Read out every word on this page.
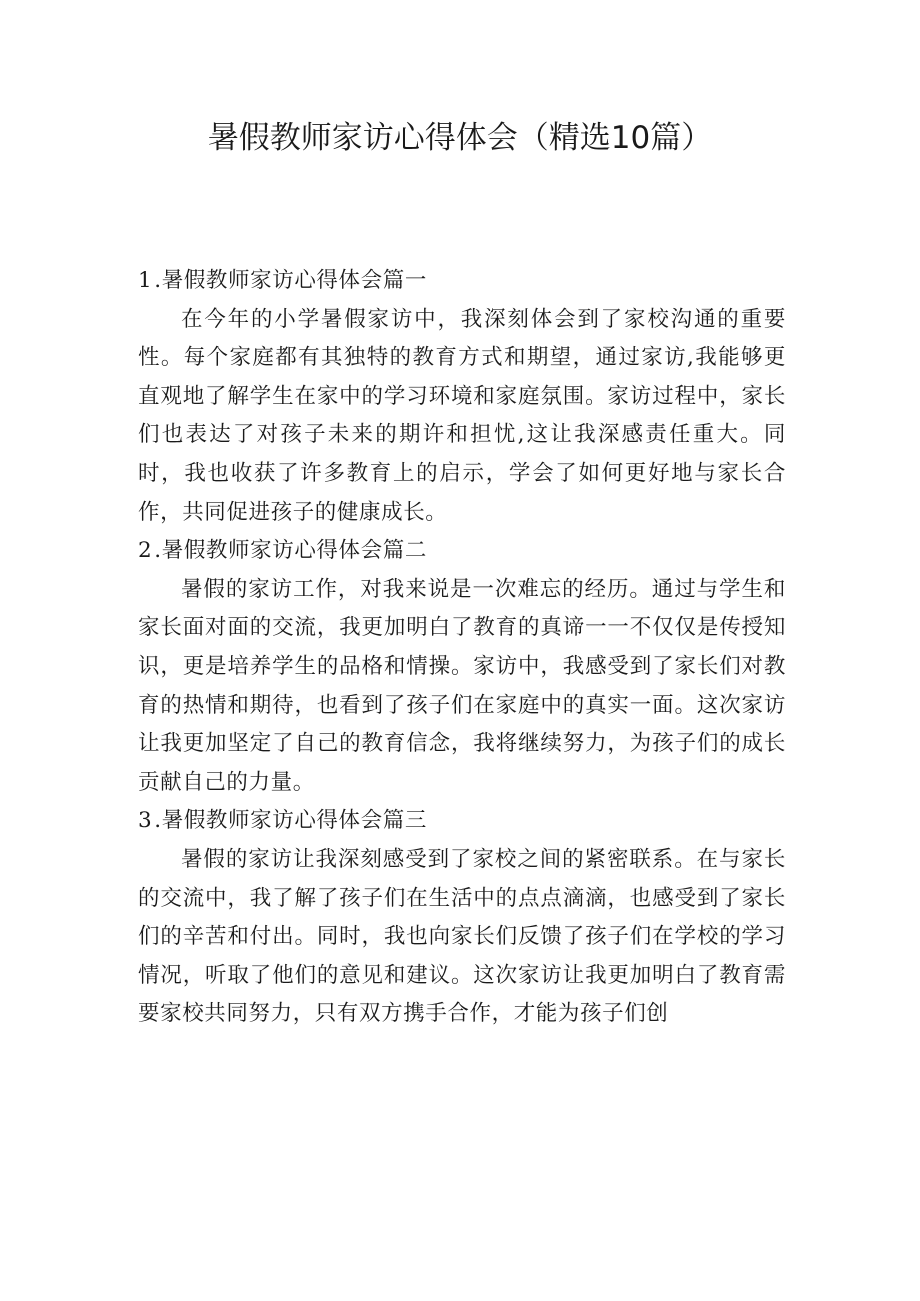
暑假教师家访心得体会（精选10篇）
1.暑假教师家访心得体会篇一

在今年的小学暑假家访中，我深刻体会到了家校沟通的重要性。每个家庭都有其独特的教育方式和期望，通过家访,我能够更直观地了解学生在家中的学习环境和家庭氛围。家访过程中，家长们也表达了对孩子未来的期许和担忧,这让我深感责任重大。同时，我也收获了许多教育上的启示，学会了如何更好地与家长合作，共同促进孩子的健康成长。

2.暑假教师家访心得体会篇二

暑假的家访工作，对我来说是一次难忘的经历。通过与学生和家长面对面的交流，我更加明白了教育的真谛一一不仅仅是传授知识，更是培养学生的品格和情操。家访中，我感受到了家长们对教育的热情和期待，也看到了孩子们在家庭中的真实一面。这次家访让我更加坚定了自己的教育信念，我将继续努力，为孩子们的成长贡献自己的力量。

3.暑假教师家访心得体会篇三

暑假的家访让我深刻感受到了家校之间的紧密联系。在与家长的交流中，我了解了孩子们在生活中的点点滴滴，也感受到了家长们的辛苦和付出。同时，我也向家长们反馈了孩子们在学校的学习情况，听取了他们的意见和建议。这次家访让我更加明白了教育需要家校共同努力，只有双方携手合作，才能为孩子们创
